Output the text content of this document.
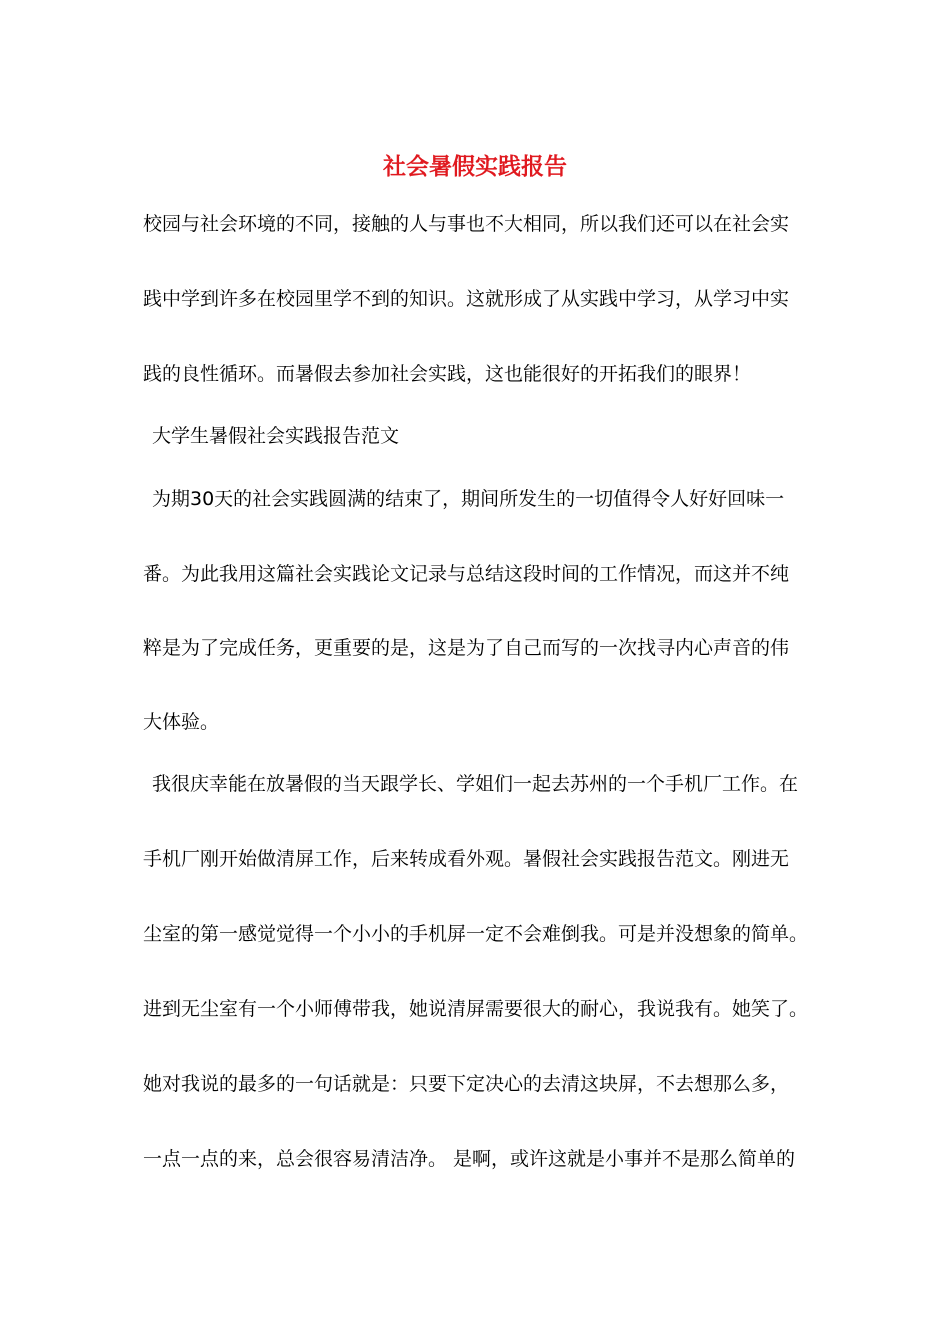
社会暑假实践报告

校园与社会环境的不同，接触的人与事也不大相同，所以我们还可以在社会实

践中学到许多在校园里学不到的知识。这就形成了从实践中学习，从学习中实

践的良性循环。而暑假去参加社会实践，这也能很好的开拓我们的眼界！

大学生暑假社会实践报告范文

为期30天的社会实践圆满的结束了，期间所发生的一切值得令人好好回味一

番。为此我用这篇社会实践论文记录与总结这段时间的工作情况，而这并不纯

粹是为了完成任务，更重要的是，这是为了自己而写的一次找寻内心声音的伟

大体验。

我很庆幸能在放暑假的当天跟学长、学姐们一起去苏州的一个手机厂工作。在

手机厂刚开始做清屏工作，后来转成看外观。暑假社会实践报告范文。刚进无

尘室的第一感觉觉得一个小小的手机屏一定不会难倒我。可是并没想象的简单。

进到无尘室有一个小师傅带我，她说清屏需要很大的耐心，我说我有。她笑了。

她对我说的最多的一句话就是：只要下定决心的去清这块屏，不去想那么多，

一点一点的来，总会很容易清洁净。 是啊，或许这就是小事并不是那么简单的
